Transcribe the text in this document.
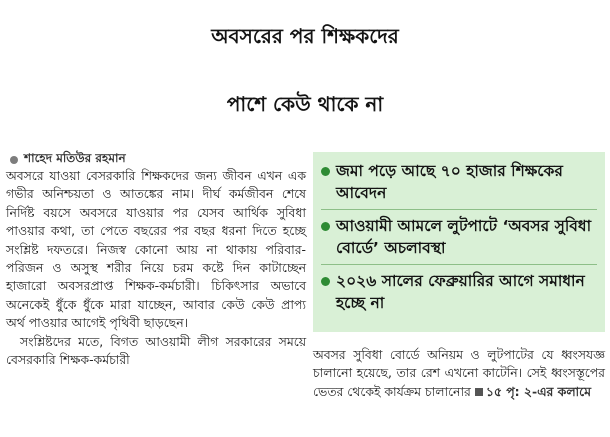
অবসরের পর শিক্ষকদের
পাশে কেউ থাকে না
শাহেদ মতিউর রহমান

অবসরে যাওয়া বেসরকারি শিক্ষকদের জন্য জীবন এখন এক গভীর অনিশ্চয়তা ও আতঙ্কের নাম। দীর্ঘ কর্মজীবন শেষে নির্দিষ্ট বয়সে অবসরে যাওয়ার পর যেসব আর্থিক সুবিধা পাওয়ার কথা, তা পেতে বছরের পর বছর ধরনা দিতে হচ্ছে সংশ্লিষ্ট দফতরে। নিজস্ব কোনো আয় না থাকায় পরিবার-পরিজন ও অসুস্থ শরীর নিয়ে চরম কষ্টে দিন কাটাচ্ছেন হাজারো অবসরপ্রাপ্ত শিক্ষক-কর্মচারী। চিকিৎসার অভাবে অনেকেই ধুঁকে ধুঁকে মারা যাচ্ছেন, আবার কেউ কেউ প্রাপ্য অর্থ পাওয়ার আগেই পৃথিবী ছাড়ছেন।

সংশ্লিষ্টদের মতে, বিগত আওয়ামী লীগ সরকারের সময়ে বেসরকারি শিক্ষক-কর্মচারী

জমা পড়ে আছে ৭০ হাজার শিক্ষকের আবেদন
আওয়ামী আমলে লুটপাটে ‘অবসর সুবিধা বোর্ডে’ অচলাবস্থা
২০২৬ সালের ফেব্রুয়ারির আগে সমাধান হচ্ছে না
অবসর সুবিধা বোর্ডে অনিয়ম ও লুটপাটের যে ধ্বংসযজ্ঞ চালানো হয়েছে, তার রেশ এখনো কাটেনি। সেই ধ্বংসস্তূপের ভেতর থেকেই কার্যক্রম চালানোর ১৫ পৃ: ২-এর কলামে
